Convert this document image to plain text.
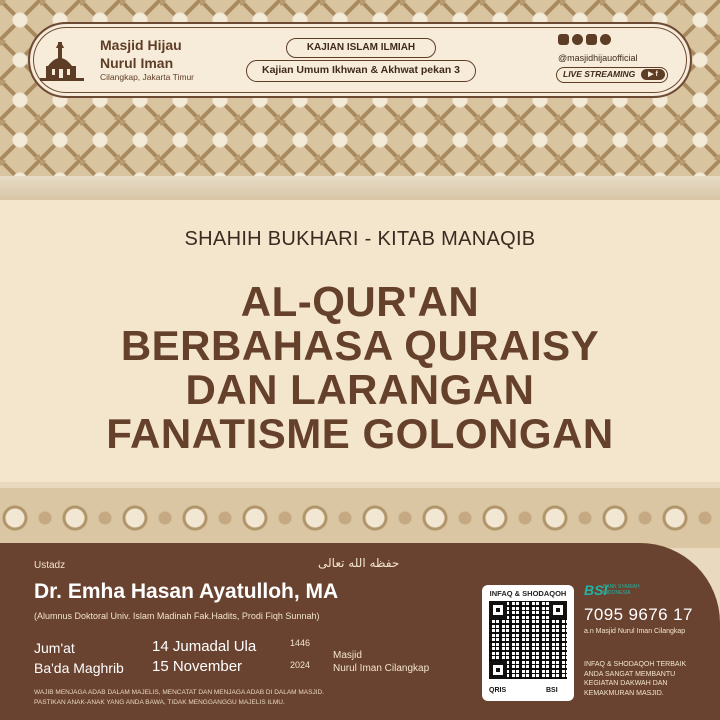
Masjid Hijau
Nurul Iman
Cilangkap, Jakarta Timur
KAJIAN ISLAM ILMIAH
Kajian Umum Ikhwan & Akhwat pekan 3
@masjidhijauofficial
LIVE STREAMING	▶ f
SHAHIH BUKHARI - KITAB MANAQIB
AL-QUR'AN
BERBAHASA QURAISY
DAN LARANGAN
FANATISME GOLONGAN
Ustadz	حفظه الله تعالى
Dr. Emha Hasan Ayatulloh, MA
(Alumnus Doktoral Univ. Islam Madinah Fak.Hadits, Prodi Fiqh Sunnah)
Jum'at
Ba'da Maghrib
14 Jumadal Ula	1446
15 November	2024
Masjid
Nurul Iman Cilangkap
WAJIB MENJAGA ADAB DALAM MAJELIS, MENCATAT DAN MENJAGA ADAB DI DALAM MASJID.
PASTIKAN ANAK-ANAK YANG ANDA BAWA, TIDAK MENGGANGGU MAJELIS ILMU.
INFAQ & SHODAQOH
QRIS	BSI
BSI
BANK SYARIAH INDONESIA
7095 9676 17
a.n Masjid Nurul Iman Cilangkap
INFAQ & SHODAQOH TERBAIK
ANDA SANGAT MEMBANTU
KEGIATAN DAKWAH DAN
KEMAKMURAN MASJID.
